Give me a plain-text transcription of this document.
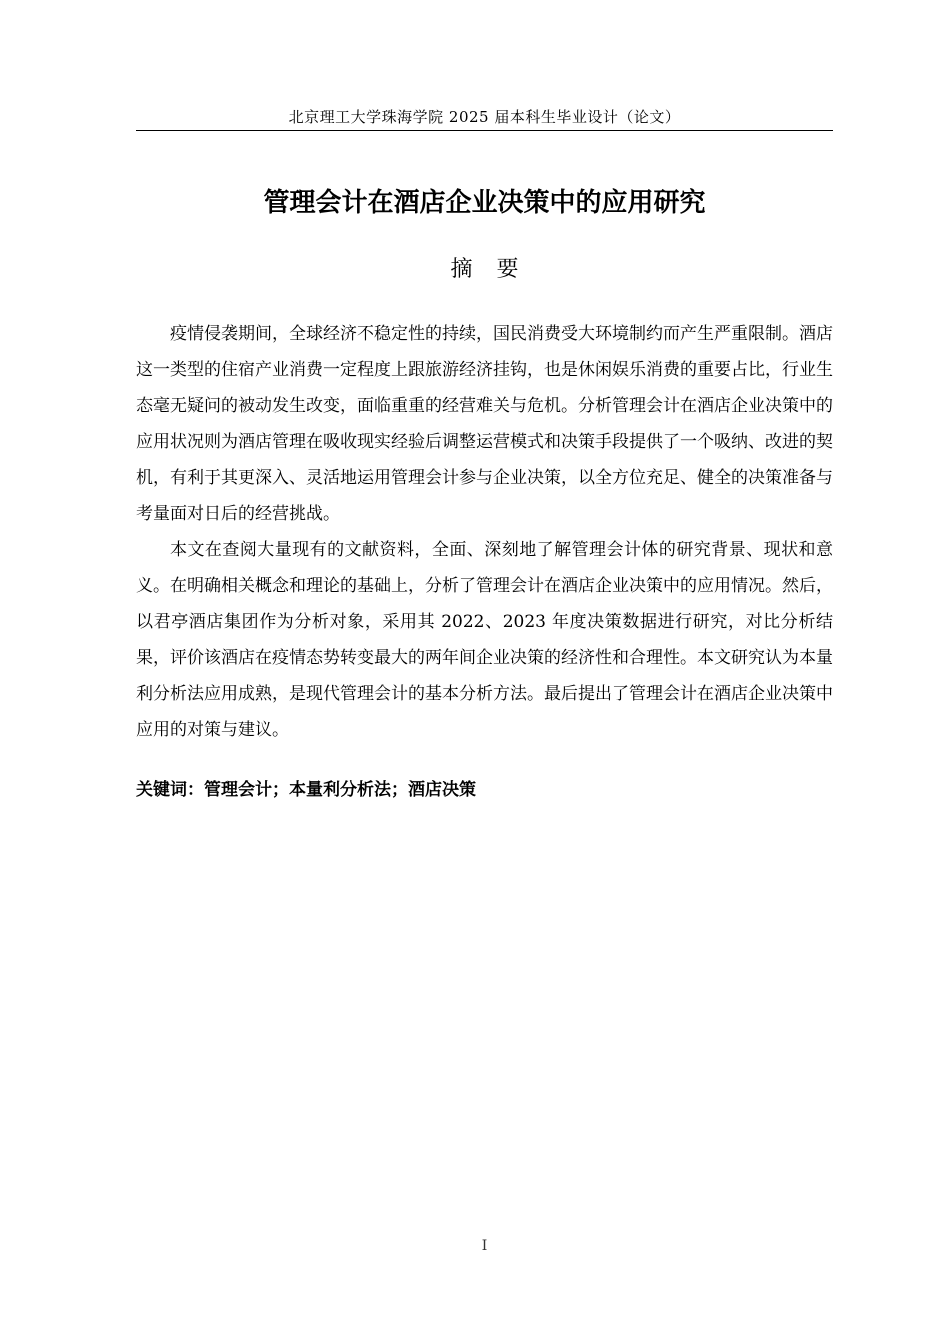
北京理工大学珠海学院 2025 届本科生毕业设计（论文）
管理会计在酒店企业决策中的应用研究
摘要

疫情侵袭期间，全球经济不稳定性的持续，国民消费受大环境制约而产生严重限制。酒店这一类型的住宿产业消费一定程度上跟旅游经济挂钩，也是休闲娱乐消费的重要占比，行业生态毫无疑问的被动发生改变，面临重重的经营难关与危机。分析管理会计在酒店企业决策中的应用状况则为酒店管理在吸收现实经验后调整运营模式和决策手段提供了一个吸纳、改进的契机，有利于其更深入、灵活地运用管理会计参与企业决策，以全方位充足、健全的决策准备与考量面对日后的经营挑战。

本文在查阅大量现有的文献资料，全面、深刻地了解管理会计体的研究背景、现状和意义。在明确相关概念和理论的基础上，分析了管理会计在酒店企业决策中的应用情况。然后，以君亭酒店集团作为分析对象，采用其 2022、2023 年度决策数据进行研究，对比分析结果，评价该酒店在疫情态势转变最大的两年间企业决策的经济性和合理性。本文研究认为本量利分析法应用成熟，是现代管理会计的基本分析方法。最后提出了管理会计在酒店企业决策中应用的对策与建议。

关键词：管理会计；本量利分析法；酒店决策
I
